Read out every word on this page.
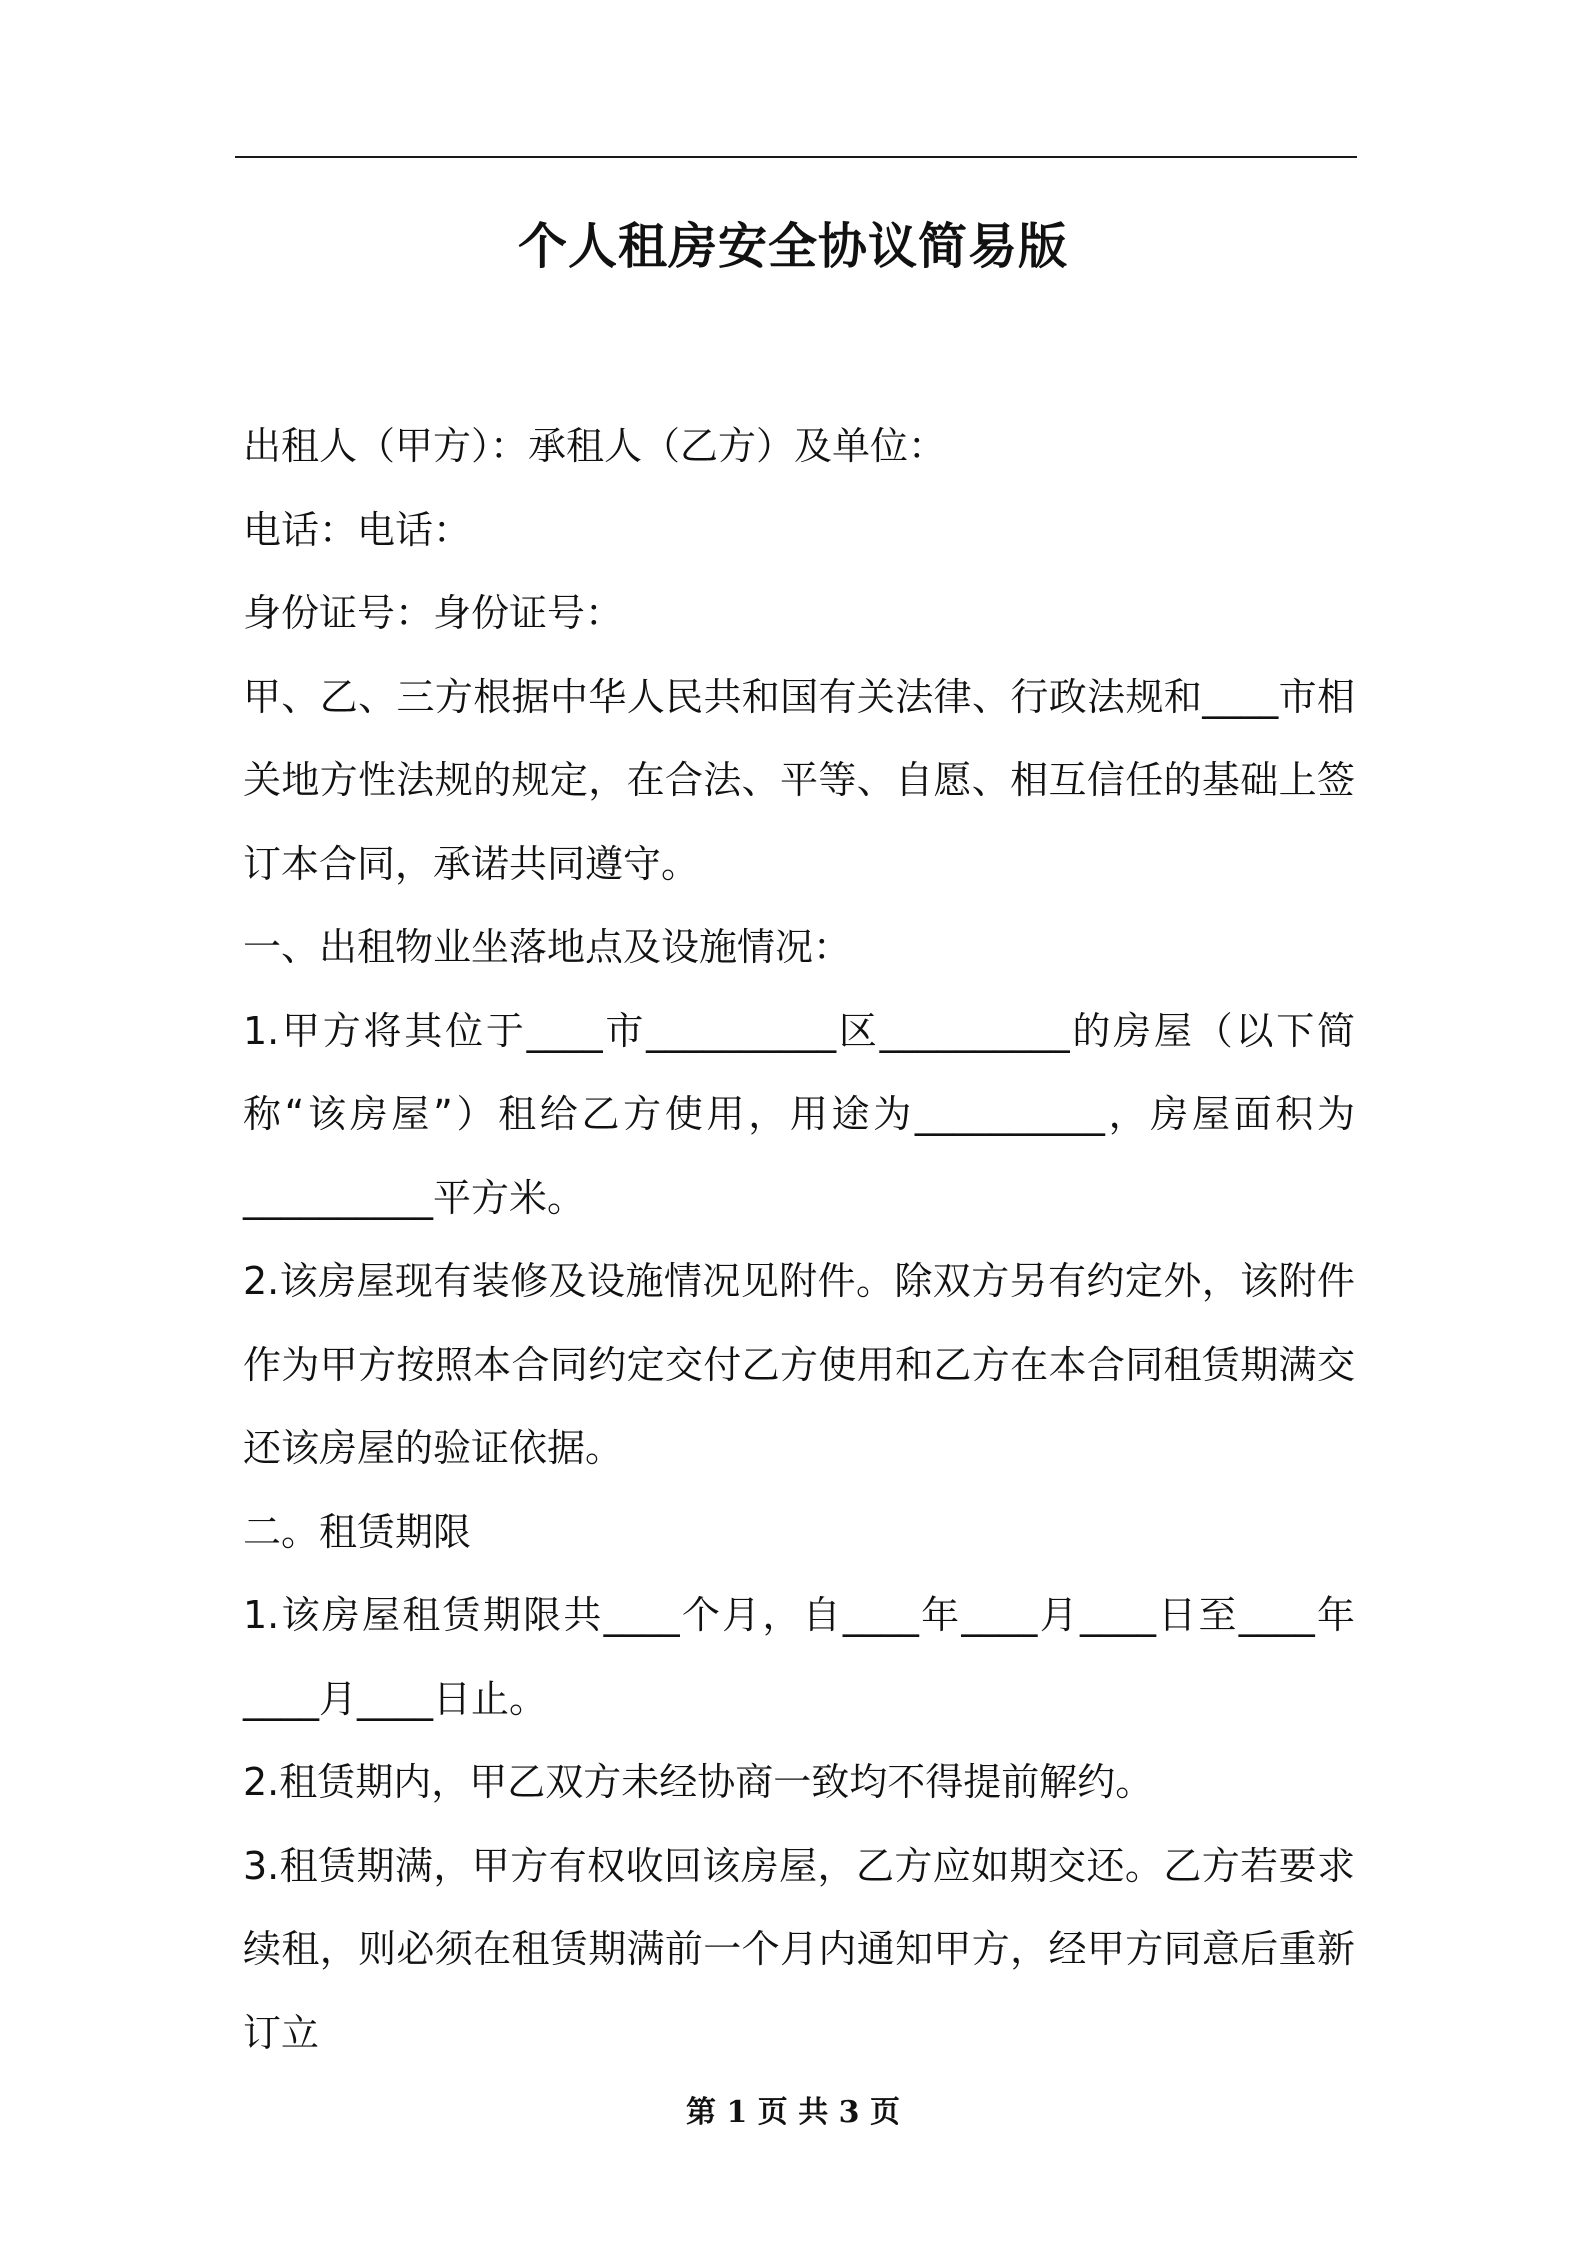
个人租房安全协议简易版

出租人（甲方）：承租人（乙方）及单位：

电话：电话：

身份证号：身份证号：

甲、乙、三方根据中华人民共和国有关法律、行政法规和____市相关地方性法规的规定，在合法、平等、自愿、相互信任的基础上签订本合同，承诺共同遵守。

一、出租物业坐落地点及设施情况：

1.甲方将其位于____市__________区__________的房屋（以下简称“该房屋”）租给乙方使用，用途为__________，房屋面积为__________平方米。

2.该房屋现有装修及设施情况见附件。除双方另有约定外，该附件作为甲方按照本合同约定交付乙方使用和乙方在本合同租赁期满交还该房屋的验证依据。

二。租赁期限

1.该房屋租赁期限共____个月，自____年____月____日至____年____月____日止。

2.租赁期内，甲乙双方未经协商一致均不得提前解约。

3.租赁期满，甲方有权收回该房屋，乙方应如期交还。乙方若要求续租，则必须在租赁期满前一个月内通知甲方，经甲方同意后重新订立

第 1 页 共 3 页
